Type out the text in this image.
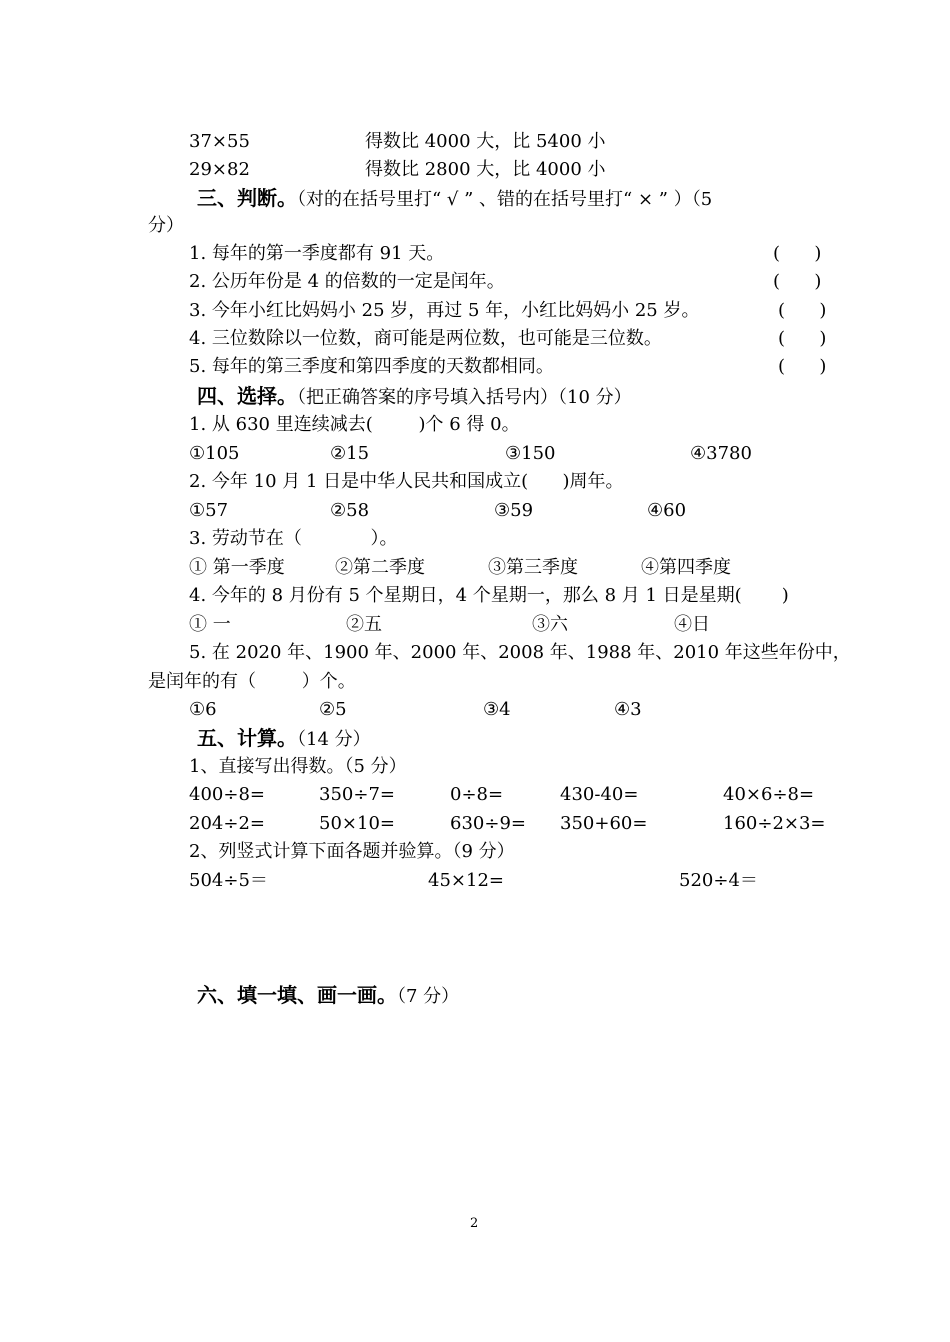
37×55	得数比 4000 大，比 5400 小
29×82	得数比 2800 大，比 4000 小
三、判断。（对的在括号里打“ √ ” 、错的在括号里打“ × ” ）（5
分）
1. 每年的第一季度都有 91 天。	(      )
2. 公历年份是 4 的倍数的一定是闰年。	(      )
3. 今年小红比妈妈小 25 岁，再过 5 年，小红比妈妈小 25 岁。	(      )
4. 三位数除以一位数，商可能是两位数，也可能是三位数。	(      )
5. 每年的第三季度和第四季度的天数都相同。	(      )
四、选择。（把正确答案的序号填入括号内）（10 分）
1. 从 630 里连续减去(        )个 6 得 0。
①105	②15	③150	④3780
2. 今年 10 月 1 日是中华人民共和国成立(      )周年。
①57	②58	③59	④60
3. 劳动节在（            ）。
① 第一季度	②第二季度	③第三季度	④第四季度
4. 今年的 8 月份有 5 个星期日，4 个星期一，那么 8 月 1 日是星期(       )
① 一	②五	③六	④日
5. 在 2020 年、1900 年、2000 年、2008 年、1988 年、2010 年这些年份中，
是闰年的有（        ）个。
①6	②5	③4	④3
五、计算。（14 分）
1、直接写出得数。（5 分）
400÷8=	350÷7=	0÷8=	430-40=	40×6÷8=
204÷2=	50×10=	630÷9= 350+60=	160÷2×3=
2、列竖式计算下面各题并验算。（9 分）
504÷5＝	45×12=	520÷4＝
六、填一填、画一画。（7 分）
2
